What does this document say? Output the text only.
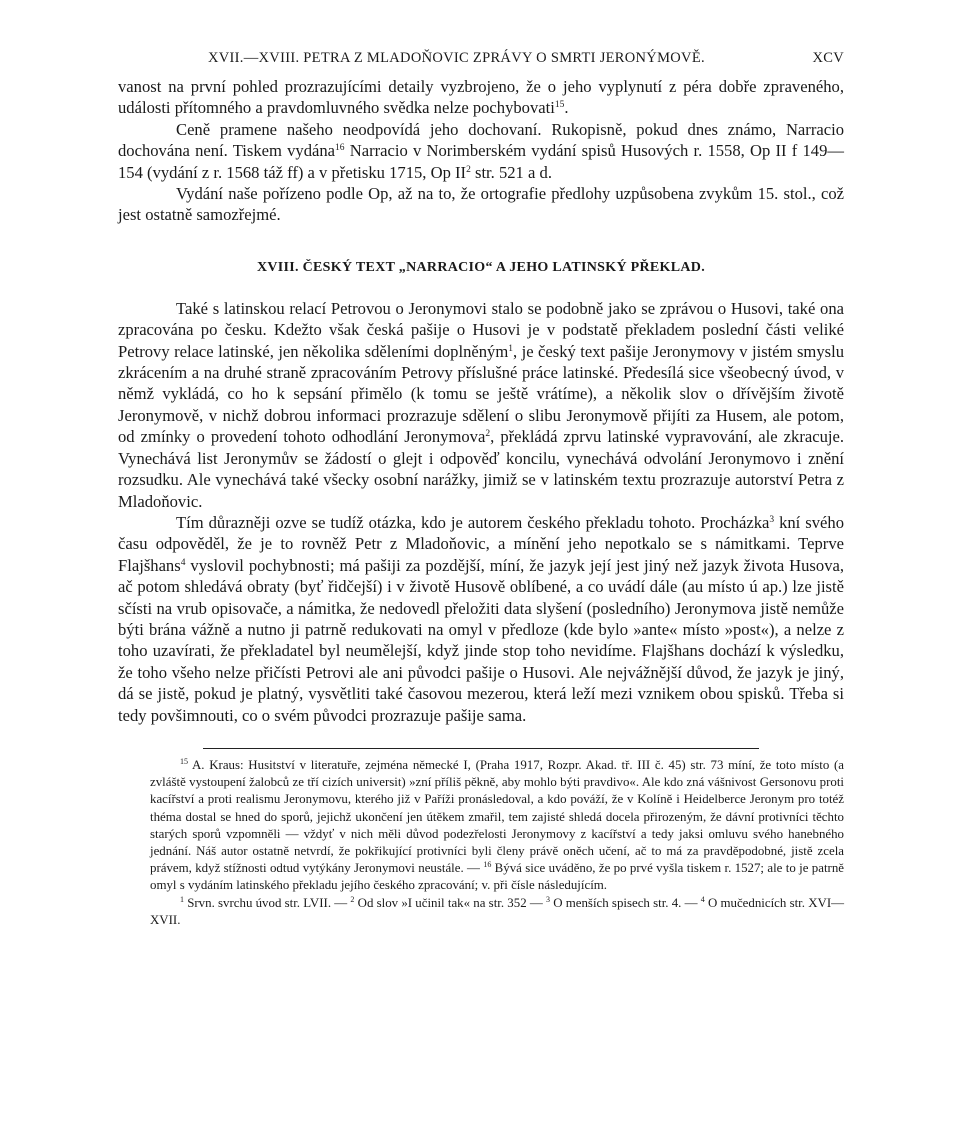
XVII.—XVIII. PETRA Z MLADOŇOVIC ZPRÁVY O SMRTI JERONÝMOVĚ.	XCV

vanost na první pohled prozrazujícími detaily vyzbrojeno, že o jeho vyplynutí z péra dobře zpraveného, události přítomného a pravdomluvného svědka nelze pochybovati$^{15}$.

Ceně pramene našeho neodpovídá jeho dochovaní. Rukopisně, pokud dnes známo, Narracio dochována není. Tiskem vydána$^{16}$ Narracio v Norimberském vydání spisů Husových r. 1558, Op II f 149—154 (vydání z r. 1568 táž ff) a v přetisku 1715, Op $II^2$ str. 521 a d.

Vydání naše pořízeno podle Op, až na to, že ortografie předlohy uzpůsobena zvykům 15. stol., což jest ostatně samozřejmé.

XVIII. ČESKÝ TEXT „NARRACIO“ A JEHO LATINSKÝ PŘEKLAD.

Také s latinskou relací Petrovou o Jeronymovi stalo se podobně jako se zprávou o Husovi, také ona zpracována po česku. Kdežto však česká pašije o Husovi je v podstatě překladem poslední části veliké Petrovy relace latinské, jen několika sděleními doplněným$^1$, je český text pašije Jeronymovy v jistém smyslu zkrácením a na druhé straně zpracováním Petrovy příslušné práce latinské. Předesílá sice všeobecný úvod, v němž vykládá, co ho k sepsání přimělo (k tomu se ještě vrátíme), a několik slov o dřívějším životě Jeronymově, v nichž dobrou informaci prozrazuje sdělení o slibu Jeronymově přijíti za Husem, ale potom, od zmínky o provedení tohoto odhodlání Jeronymova$^2$, překládá zprvu latinské vypravování, ale zkracuje. Vynechává list Jeronymův se žádostí o glejt i odpověď koncilu, vynechává odvolání Jeronymovo i znění rozsudku. Ale vynechává také všecky osobní narážky, jimiž se v latinském textu prozrazuje autorství Petra z Mladoňovic.

Tím důrazněji ozve se tudíž otázka, kdo je autorem českého překladu tohoto. Procházka$^3$ kní svého času odpověděl, že je to rovněž Petr z Mladoňovic, a mínění jeho nepotkalo se s námitkami. Teprve Flajšhans$^4$ vyslovil pochybnosti; má pašiji za pozdější, míní, že jazyk její jest jiný než jazyk života Husova, ač potom shledává obraty (byť řidčejší) i v životě Husově oblíbené, a co uvádí dále (au místo ú ap.) lze jistě sčísti na vrub opisovače, a námitka, že nedovedl přeložiti data slyšení (posledního) Jeronymova jistě nemůže býti brána vážně a nutno ji patrně redukovati na omyl v předloze (kde bylo »ante« místo »post«), a nelze z toho uzavírati, že překladatel byl neumělejší, když jinde stop toho nevidíme. Flajšhans dochází k výsledku, že toho všeho nelze přičísti Petrovi ale ani původci pašije o Husovi. Ale nejvážnější důvod, že jazyk je jiný, dá se jistě, pokud je platný, vysvětliti také časovou mezerou, která leží mezi vznikem obou spisků. Třeba si tedy povšimnouti, co o svém původci prozrazuje pašije sama.

$^{15}$ A. Kraus: Husitství v literatuře, zejména německé I, (Praha 1917, Rozpr. Akad. tř. III č. 45) str. 73 míní, že toto místo (a zvláště vystoupení žalobců ze tří cizích universit) »zní příliš pěkně, aby mohlo býti pravdivo«. Ale kdo zná vášnivost Gersonovu proti kacířství a proti realismu Jeronymovu, kterého již v Paříži pronásledoval, a kdo pováží, že v Kolíně i Heidelberce Jeronym pro totéž théma dostal se hned do sporů, jejichž ukončení jen útěkem zmařil, tem zajisté shledá docela přirozeným, že dávní protivníci těchto starých sporů vzpomněli — vždyť v nich měli důvod podezřelosti Jeronymovy z kacířství a tedy jaksi omluvu svého hanebného jednání. Náš autor ostatně netvrdí, že pokřikující protivníci byli členy právě oněch učení, ač to má za pravděpodobné, jistě zcela právem, když stížnosti odtud vytýkány Jeronymovi neustále. — $^{16}$ Bývá sice uváděno, že po prvé vyšla tiskem r. 1527; ale to je patrně omyl s vydáním latinského překladu jejího českého zpracování; v. při čísle následujícím.

$^1$ Srvn. svrchu úvod str. LVII. — $^2$ Od slov »I učinil tak« na str. 352 — $^3$ O menších spisech str. 4. — $^4$ O mučednicích str. XVI—XVII.
